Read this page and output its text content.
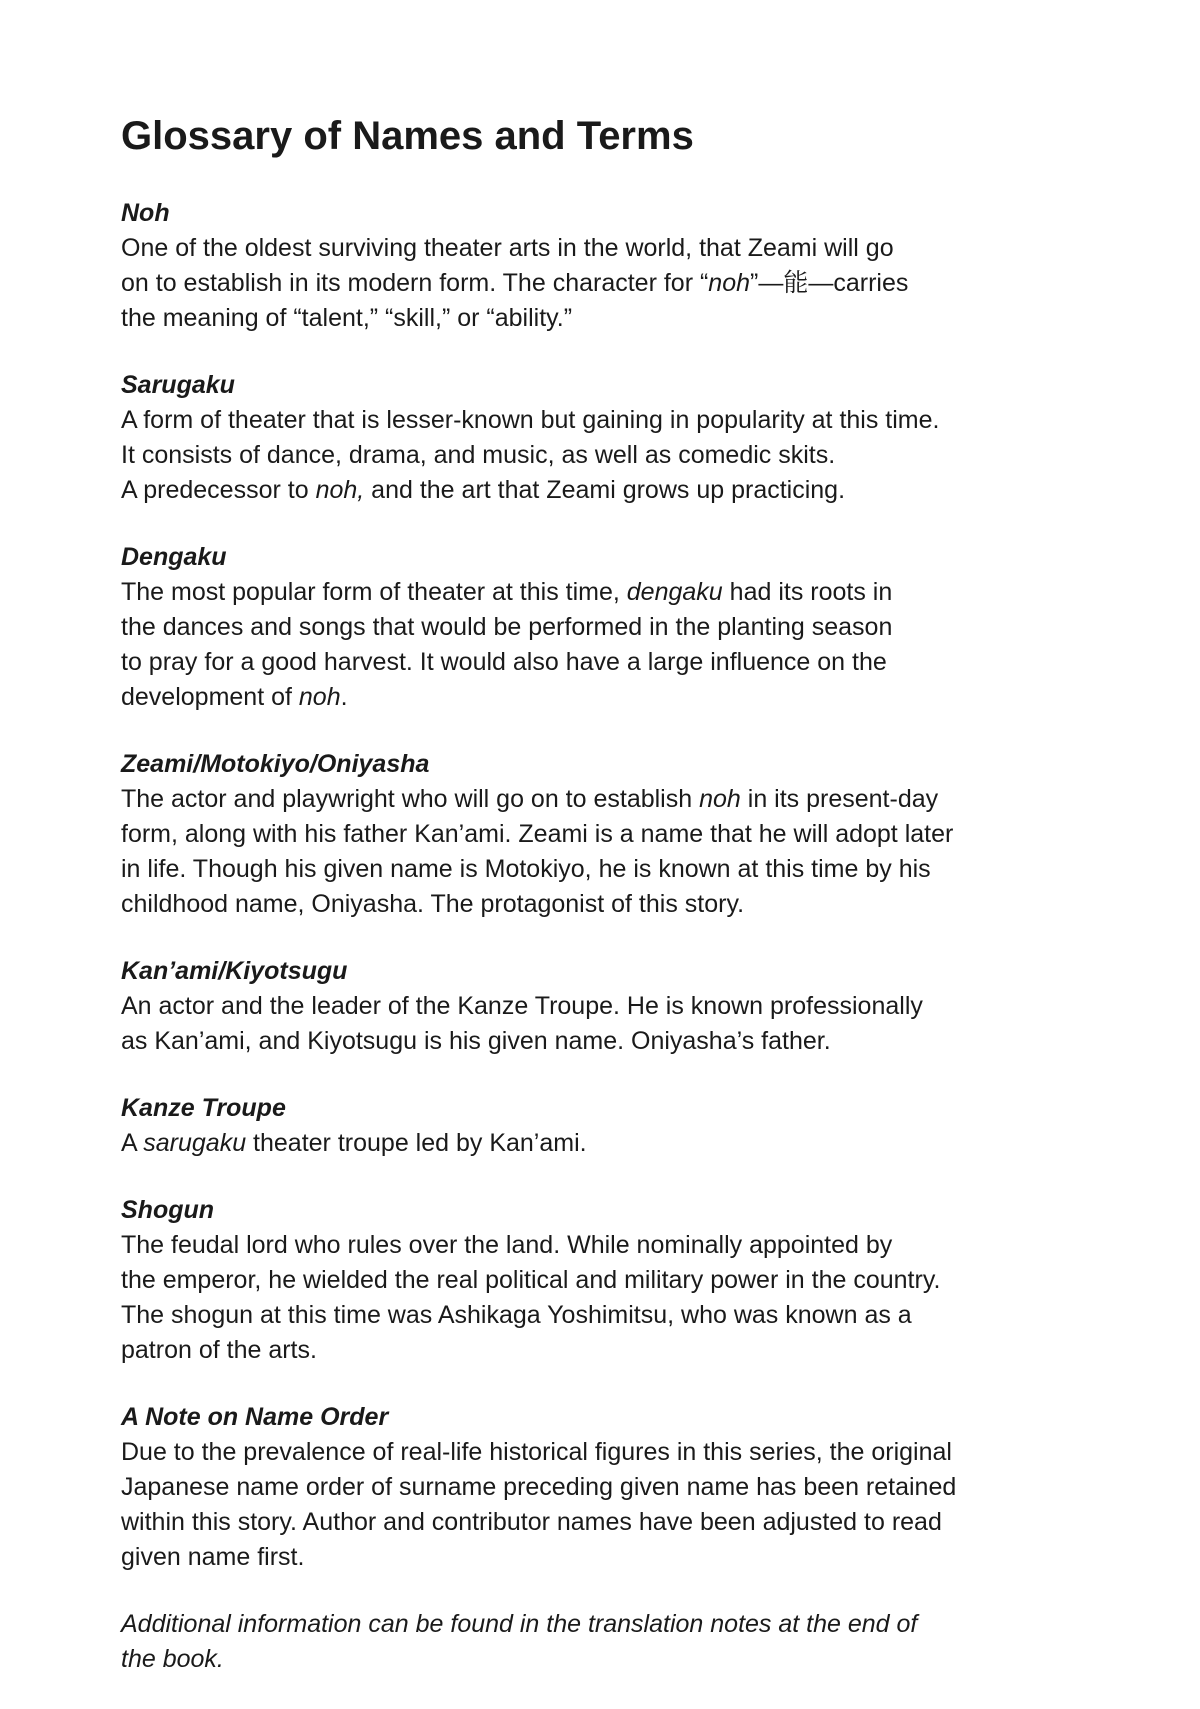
Glossary of Names and Terms

Noh

One of the oldest surviving theater arts in the world, that Zeami will go
on to establish in its modern form. The character for “noh”—能—carries
the meaning of “talent,” “skill,” or “ability.”

Sarugaku

A form of theater that is lesser-known but gaining in popularity at this time.
It consists of dance, drama, and music, as well as comedic skits.
A predecessor to noh, and the art that Zeami grows up practicing.

Dengaku

The most popular form of theater at this time, dengaku had its roots in
the dances and songs that would be performed in the planting season
to pray for a good harvest. It would also have a large influence on the
development of noh.

Zeami/Motokiyo/Oniyasha

The actor and playwright who will go on to establish noh in its present-day
form, along with his father Kan’ami. Zeami is a name that he will adopt later
in life. Though his given name is Motokiyo, he is known at this time by his
childhood name, Oniyasha. The protagonist of this story.

Kan’ami/Kiyotsugu

An actor and the leader of the Kanze Troupe. He is known professionally
as Kan’ami, and Kiyotsugu is his given name. Oniyasha’s father.

Kanze Troupe

A sarugaku theater troupe led by Kan’ami.

Shogun

The feudal lord who rules over the land. While nominally appointed by
the emperor, he wielded the real political and military power in the country.
The shogun at this time was Ashikaga Yoshimitsu, who was known as a
patron of the arts.

A Note on Name Order

Due to the prevalence of real-life historical figures in this series, the original
Japanese name order of surname preceding given name has been retained
within this story. Author and contributor names have been adjusted to read
given name first.
Additional information can be found in the translation notes at the end of
the book.
